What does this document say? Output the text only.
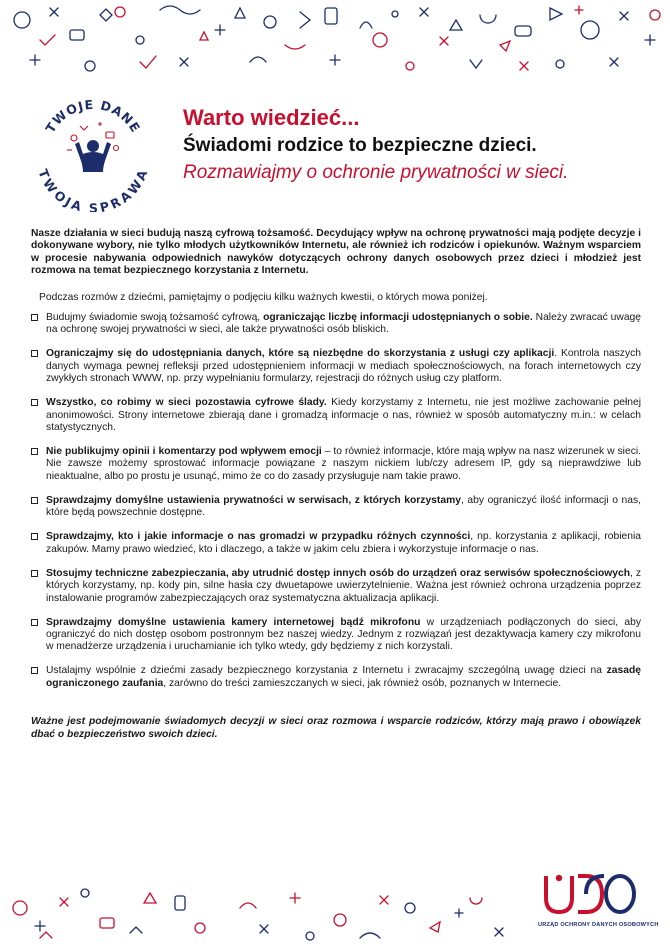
TWOJE DANE
TWOJA SPRAWA

Warto wiedzieć...

Świadomi rodzice to bezpieczne dzieci.

Rozmawiajmy o ochronie prywatności w sieci.

Nasze działania w sieci budują naszą cyfrową tożsamość. Decydujący wpływ na ochronę prywatności mają podjęte decyzje i dokonywane wybory, nie tylko młodych użytkowników Internetu, ale również ich rodziców i opiekunów. Ważnym wsparciem w procesie nabywania odpowiednich nawyków dotyczących ochrony danych osobowych przez dzieci i młodzież jest rozmowa na temat bezpiecznego korzystania z Internetu.

Podczas rozmów z dziećmi, pamiętajmy o podjęciu kilku ważnych kwestii, o których mowa poniżej.

Budujmy świadomie swoją tożsamość cyfrową, ograniczając liczbę informacji udostępnianych o sobie. Należy zwracać uwagę na ochronę swojej prywatności w sieci, ale także prywatności osób bliskich.
Ograniczajmy się do udostępniania danych, które są niezbędne do skorzystania z usługi czy aplikacji. Kontrola naszych danych wymaga pewnej refleksji przed udostępnieniem informacji w mediach społecznościowych, na forach internetowych czy zwykłych stronach WWW, np. przy wypełnianiu formularzy, rejestracji do różnych usług czy platform.
Wszystko, co robimy w sieci pozostawia cyfrowe ślady. Kiedy korzystamy z Internetu, nie jest możliwe zachowanie pełnej anonimowości. Strony internetowe zbierają dane i gromadzą informacje o nas, również w sposób automatyczny m.in.: w celach statystycznych.
Nie publikujmy opinii i komentarzy pod wpływem emocji – to również informacje, które mają wpływ na nasz wizerunek w sieci. Nie zawsze możemy sprostować informacje powiązane z naszym nickiem lub/czy adresem IP, gdy są nieprawdziwe lub nieaktualne, albo po prostu je usunąć, mimo że co do zasady przysługuje nam takie prawo.
Sprawdzajmy domyślne ustawienia prywatności w serwisach, z których korzystamy, aby ograniczyć ilość informacji o nas, które będą powszechnie dostępne.
Sprawdzajmy, kto i jakie informacje o nas gromadzi w przypadku różnych czynności, np. korzystania z aplikacji, robienia zakupów. Mamy prawo wiedzieć, kto i dlaczego, a także w jakim celu zbiera i wykorzystuje informacje o nas.
Stosujmy techniczne zabezpieczania, aby utrudnić dostęp innych osób do urządzeń oraz serwisów społecznościowych, z których korzystamy, np. kody pin, silne hasła czy dwuetapowe uwierzytelnienie. Ważna jest również ochrona urządzenia poprzez instalowanie programów zabezpieczających oraz systematyczna aktualizacja aplikacji.
Sprawdzajmy domyślne ustawienia kamery internetowej bądź mikrofonu w urządzeniach podłączonych do sieci, aby ograniczyć do nich dostęp osobom postronnym bez naszej wiedzy. Jednym z rozwiązań jest dezaktywacja kamery czy mikrofonu w menadżerze urządzenia i uruchamianie ich tylko wtedy, gdy będziemy z nich korzystali.
Ustalajmy wspólnie z dziećmi zasady bezpiecznego korzystania z Internetu i zwracajmy szczególną uwagę dzieci na zasadę ograniczonego zaufania, zarówno do treści zamieszczanych w sieci, jak również osób, poznanych w Internecie.

Ważne jest podejmowanie świadomych decyzji w sieci oraz rozmowa i wsparcie rodziców, którzy mają prawo i obowiązek dbać o bezpieczeństwo swoich dzieci.

URZĄD OCHRONY DANYCH OSOBOWYCH
